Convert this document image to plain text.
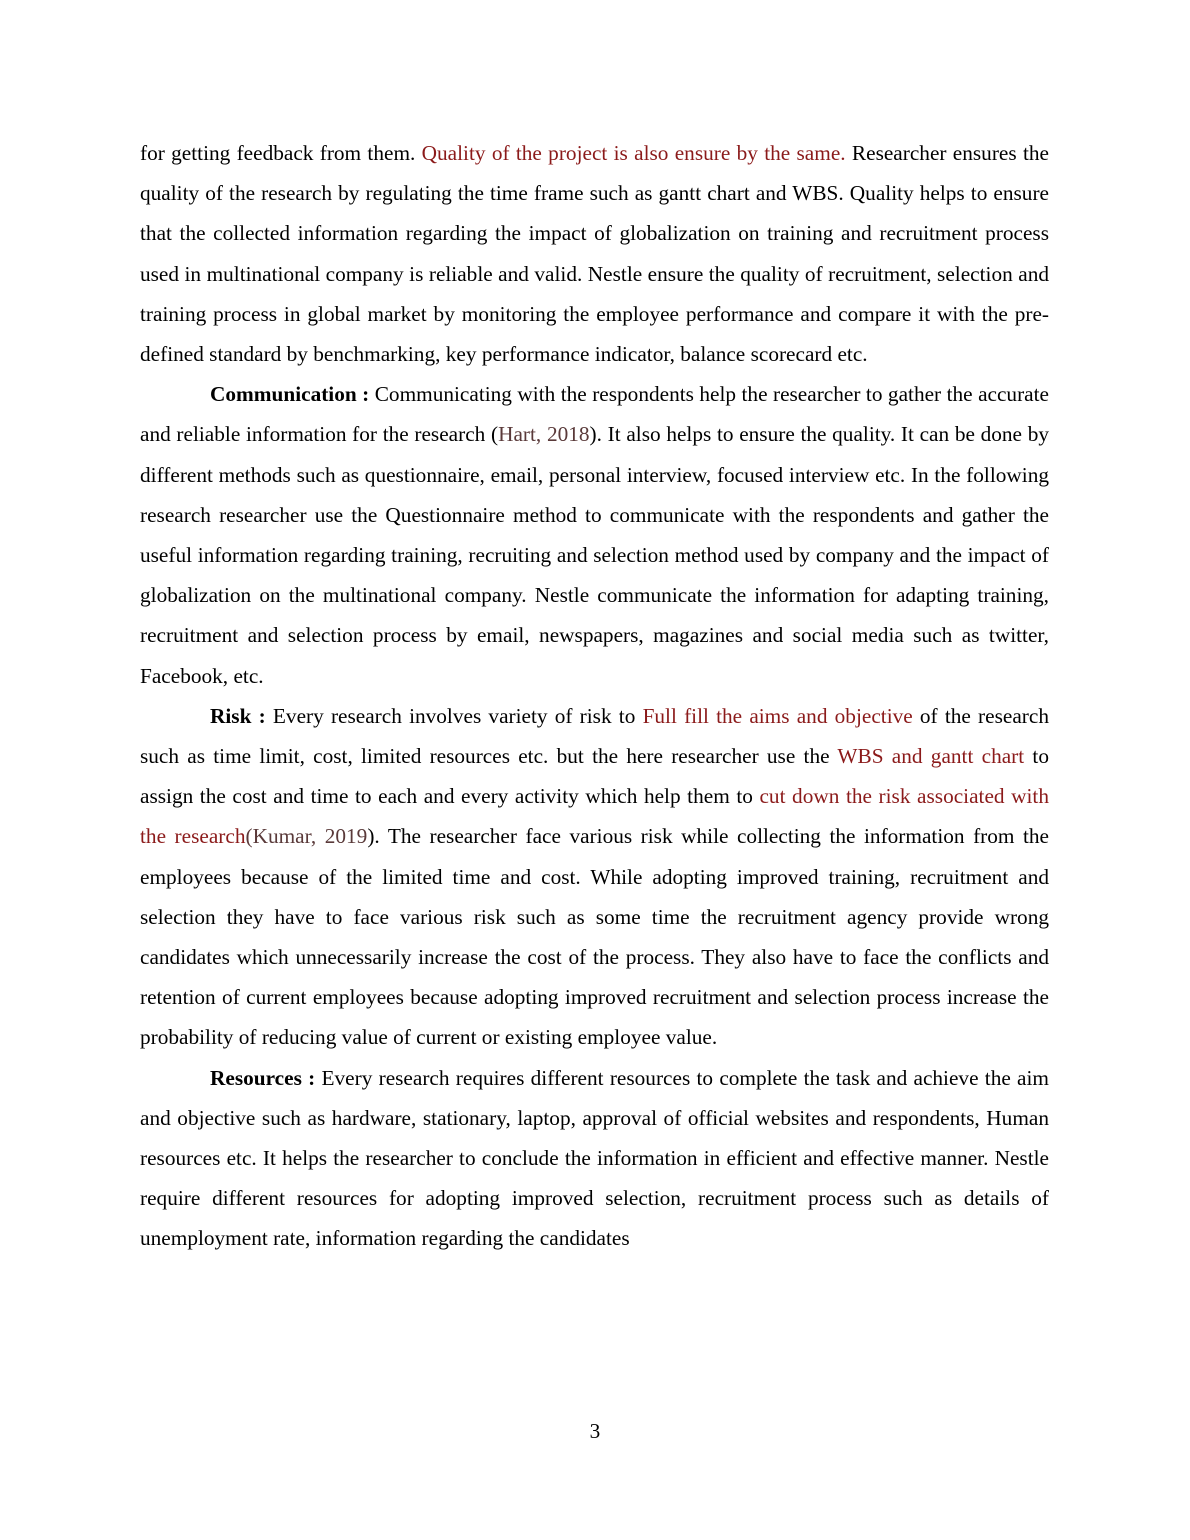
for getting feedback from them. Quality of the project is also ensure by the same. Researcher ensures the quality of the research by regulating the time frame such as gantt chart and WBS. Quality helps to ensure that the collected information regarding the impact of globalization on training and recruitment process used in multinational company is reliable and valid. Nestle ensure the quality of recruitment, selection and training process in global market by monitoring the employee performance and compare it with the pre-defined standard by benchmarking, key performance indicator, balance scorecard etc.

Communication : Communicating with the respondents help the researcher to gather the accurate and reliable information for the research (Hart, 2018). It also helps to ensure the quality. It can be done by different methods such as questionnaire, email, personal interview, focused interview etc. In the following research researcher use the Questionnaire method to communicate with the respondents and gather the useful information regarding training, recruiting and selection method used by company and the impact of globalization on the multinational company. Nestle communicate the information for adapting training, recruitment and selection process by email, newspapers, magazines and social media such as twitter, Facebook, etc.

Risk : Every research involves variety of risk to Full fill the aims and objective of the research such as time limit, cost, limited resources etc. but the here researcher use the WBS and gantt chart to assign the cost and time to each and every activity which help them to cut down the risk associated with the research(Kumar, 2019). The researcher face various risk while collecting the information from the employees because of the limited time and cost. While adopting improved training, recruitment and selection they have to face various risk such as some time the recruitment agency provide wrong candidates which unnecessarily increase the cost of the process. They also have to face the conflicts and retention of current employees because adopting improved recruitment and selection process increase the probability of reducing value of current or existing employee value.

Resources : Every research requires different resources to complete the task and achieve the aim and objective such as hardware, stationary, laptop, approval of official websites and respondents, Human resources etc. It helps the researcher to conclude the information in efficient and effective manner. Nestle require different resources for adopting improved selection, recruitment process such as details of unemployment rate, information regarding the candidates

3
